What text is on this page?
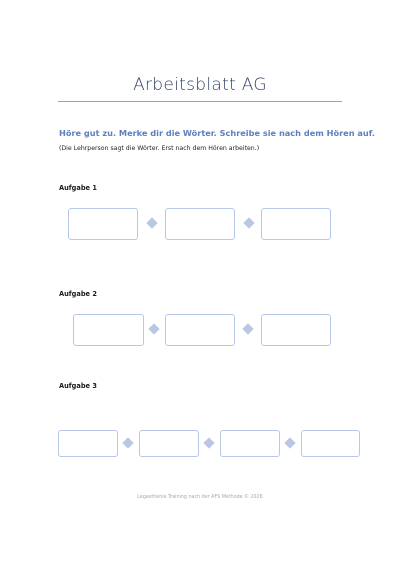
Arbeitsblatt AG
Höre gut zu. Merke dir die Wörter. Schreibe sie nach dem Hören auf.
(Die Lehrperson sagt die Wörter. Erst nach dem Hören arbeiten.)
Aufgabe 1
Aufgabe 2
Aufgabe 3
Legasthenie Training nach der AFS Methode © 2026
